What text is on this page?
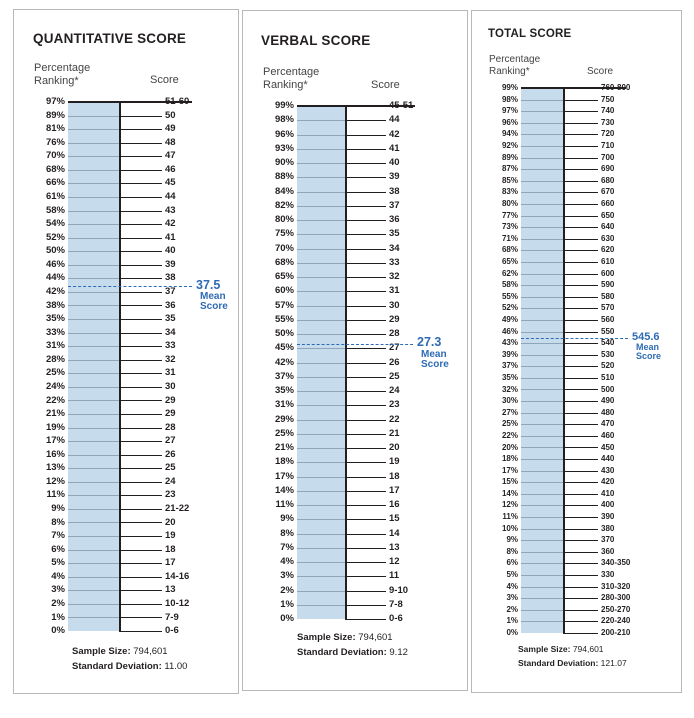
QUANTITATIVE SCORE
Percentage
Ranking*	Score
97%	51-60
89%	50
81%	49
76%	48
70%	47
68%	46
66%	45
61%	44
58%	43
54%	42
52%	41
50%	40
46%	39
44%	38
42%	37
38%	36
35%	35
33%	34
31%	33
28%	32
25%	31
24%	30
22%	29
21%	29
19%	28
17%	27
16%	26
13%	25
12%	24
11%	23
9%	21-22
8%	20
7%	19
6%	18
5%	17
4%	14-16
3%	13
2%	10-12
1%	7-9
0%	0-6
37.5
Mean
Score
Sample Size: 794,601
Standard Deviation: 11.00
VERBAL SCORE
Percentage
Ranking*	Score
99%	45-51
98%	44
96%	42
93%	41
90%	40
88%	39
84%	38
82%	37
80%	36
75%	35
70%	34
68%	33
65%	32
60%	31
57%	30
55%	29
50%	28
45%	27
42%	26
37%	25
35%	24
31%	23
29%	22
25%	21
21%	20
18%	19
17%	18
14%	17
11%	16
9%	15
8%	14
7%	13
4%	12
3%	11
2%	9-10
1%	7-8
0%	0-6
27.3
Mean
Score
Sample Size: 794,601
Standard Deviation: 9.12
TOTAL SCORE
Percentage
Ranking*	Score
99%	760-800
98%	750
97%	740
96%	730
94%	720
92%	710
89%	700
87%	690
85%	680
83%	670
80%	660
77%	650
73%	640
71%	630
68%	620
65%	610
62%	600
58%	590
55%	580
52%	570
49%	560
46%	550
43%	540
39%	530
37%	520
35%	510
32%	500
30%	490
27%	480
25%	470
22%	460
20%	450
18%	440
17%	430
15%	420
14%	410
12%	400
11%	390
10%	380
9%	370
8%	360
6%	340-350
5%	330
4%	310-320
3%	280-300
2%	250-270
1%	220-240
0%	200-210
545.6
Mean
Score
Sample Size: 794,601
Standard Deviation: 121.07
